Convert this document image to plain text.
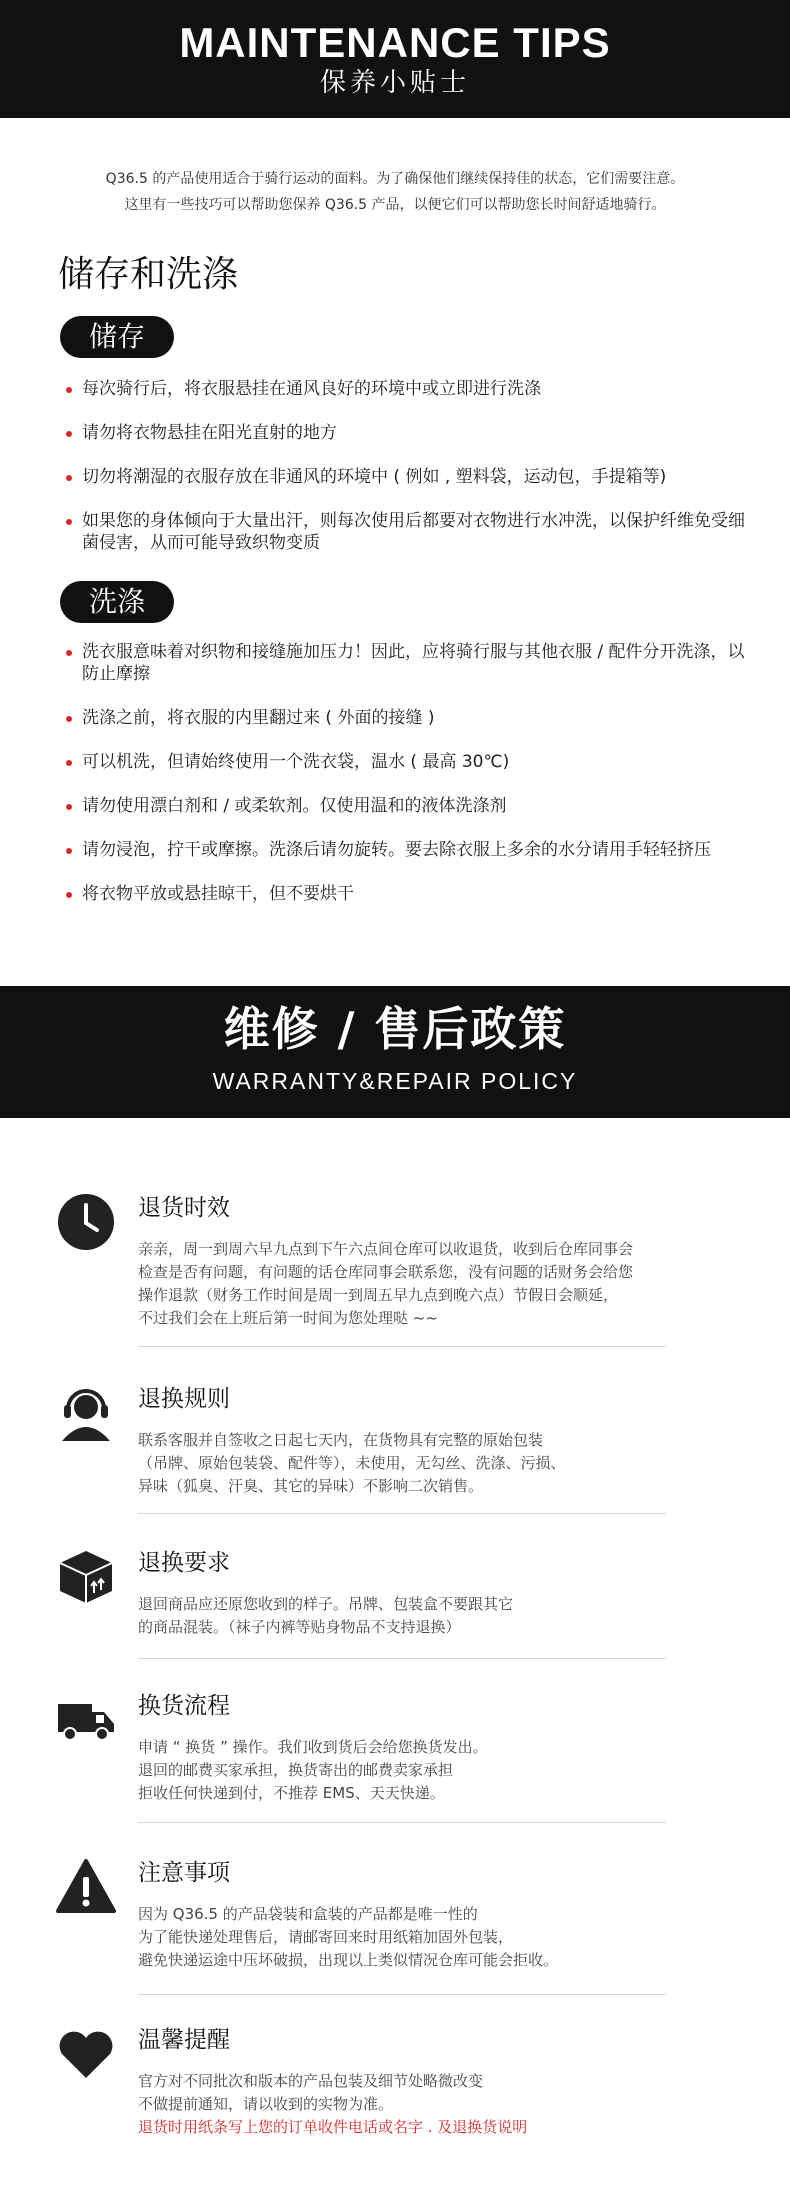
MAINTENANCE TIPS
保养小贴士
Q36.5 的产品使用适合于骑行运动的面料。为了确保他们继续保持佳的状态，它们需要注意。
这里有一些技巧可以帮助您保养 Q36.5 产品，以便它们可以帮助您长时间舒适地骑行。
储存和洗涤
储存
每次骑行后，将衣服悬挂在通风良好的环境中或立即进行洗涤
请勿将衣物悬挂在阳光直射的地方
切勿将潮湿的衣服存放在非通风的环境中 ( 例如 , 塑料袋，运动包，手提箱等)
如果您的身体倾向于大量出汗，则每次使用后都要对衣物进行水冲洗，以保护纤维免受细菌侵害，从而可能导致织物变质
洗涤
洗衣服意味着对织物和接缝施加压力！因此，应将骑行服与其他衣服 / 配件分开洗涤，以防止摩擦
洗涤之前，将衣服的内里翻过来 ( 外面的接缝 )
可以机洗，但请始终使用一个洗衣袋，温水 ( 最高 30℃)
请勿使用漂白剂和 / 或柔软剂。仅使用温和的液体洗涤剂
请勿浸泡，拧干或摩擦。洗涤后请勿旋转。要去除衣服上多余的水分请用手轻轻挤压
将衣物平放或悬挂晾干，但不要烘干
维修 / 售后政策
WARRANTY&REPAIR POLICY
退货时效
亲亲，周一到周六早九点到下午六点间仓库可以收退货，收到后仓库同事会
检查是否有问题，有问题的话仓库同事会联系您，没有问题的话财务会给您
操作退款（财务工作时间是周一到周五早九点到晚六点）节假日会顺延，
不过我们会在上班后第一时间为您处理哒 ~~
退换规则
联系客服并自签收之日起七天内，在货物具有完整的原始包装
（吊牌、原始包装袋、配件等），未使用，无勾丝、洗涤、污损、
异味（狐臭、汗臭、其它的异味）不影响二次销售。
退换要求
退回商品应还原您收到的样子。吊牌、包装盒不要跟其它
的商品混装。（袜子内裤等贴身物品不支持退换）
换货流程
申请 “ 换货 ” 操作。我们收到货后会给您换货发出。
退回的邮费买家承担，换货寄出的邮费卖家承担
拒收任何快递到付，不推荐 EMS、天天快递。
注意事项
因为 Q36.5 的产品袋装和盒装的产品都是唯一性的
为了能快递处理售后，请邮寄回来时用纸箱加固外包装，
避免快递运途中压坏破损，出现以上类似情况仓库可能会拒收。
温馨提醒
官方对不同批次和版本的产品包装及细节处略微改变
不做提前通知，请以收到的实物为准。
退货时用纸条写上您的订单收件电话或名字 . 及退换货说明
